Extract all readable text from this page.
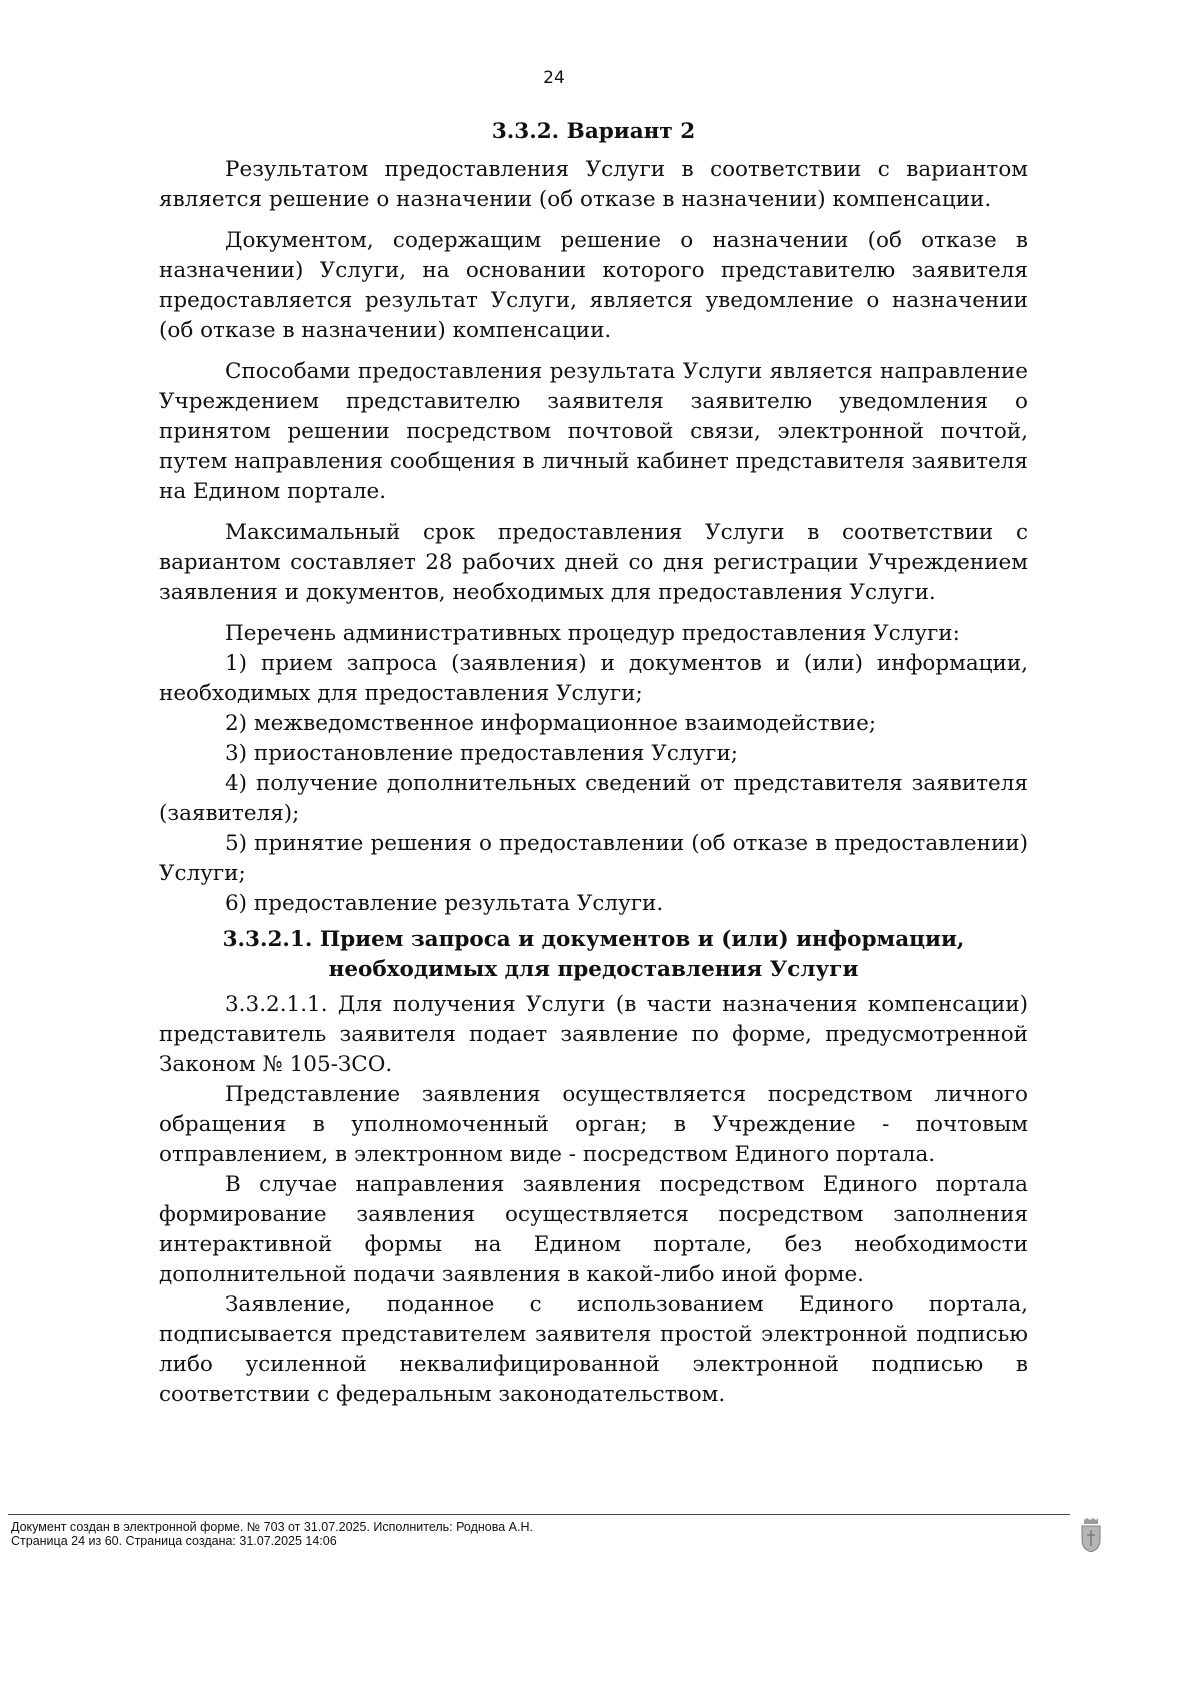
24

3.3.2. Вариант 2

Результатом предоставления Услуги в соответствии с вариантом является решение о назначении (об отказе в назначении) компенсации.

Документом, содержащим решение о назначении (об отказе в назначении) Услуги, на основании которого представителю заявителя предоставляется результат Услуги, является уведомление о назначении (об отказе в назначении) компенсации.

Способами предоставления результата Услуги является направление Учреждением представителю заявителя заявителю уведомления о принятом решении посредством почтовой связи, электронной почтой, путем направления сообщения в личный кабинет представителя заявителя на Едином портале.

Максимальный срок предоставления Услуги в соответствии с вариантом составляет 28 рабочих дней со дня регистрации Учреждением заявления и документов, необходимых для предоставления Услуги.

Перечень административных процедур предоставления Услуги:

1) прием запроса (заявления) и документов и (или) информации, необходимых для предоставления Услуги;

2) межведомственное информационное взаимодействие;

3) приостановление предоставления Услуги;

4) получение дополнительных сведений от представителя заявителя (заявителя);

5) принятие решения о предоставлении (об отказе в предоставлении) Услуги;

6) предоставление результата Услуги.

3.3.2.1. Прием запроса и документов и (или) информации, необходимых для предоставления Услуги

3.3.2.1.1. Для получения Услуги (в части назначения компенсации) представитель заявителя подает заявление по форме, предусмотренной Законом № 105-ЗСО.

Представление заявления осуществляется посредством личного обращения в уполномоченный орган; в Учреждение - почтовым отправлением, в электронном виде - посредством Единого портала.

В случае направления заявления посредством Единого портала формирование заявления осуществляется посредством заполнения интерактивной формы на Едином портале, без необходимости дополнительной подачи заявления в какой-либо иной форме.

Заявление, поданное с использованием Единого портала, подписывается представителем заявителя простой электронной подписью либо усиленной неквалифицированной электронной подписью в соответствии с федеральным законодательством.

Документ создан в электронной форме. № 703 от 31.07.2025. Исполнитель: Роднова А.Н.
Страница 24 из 60. Страница создана: 31.07.2025 14:06
